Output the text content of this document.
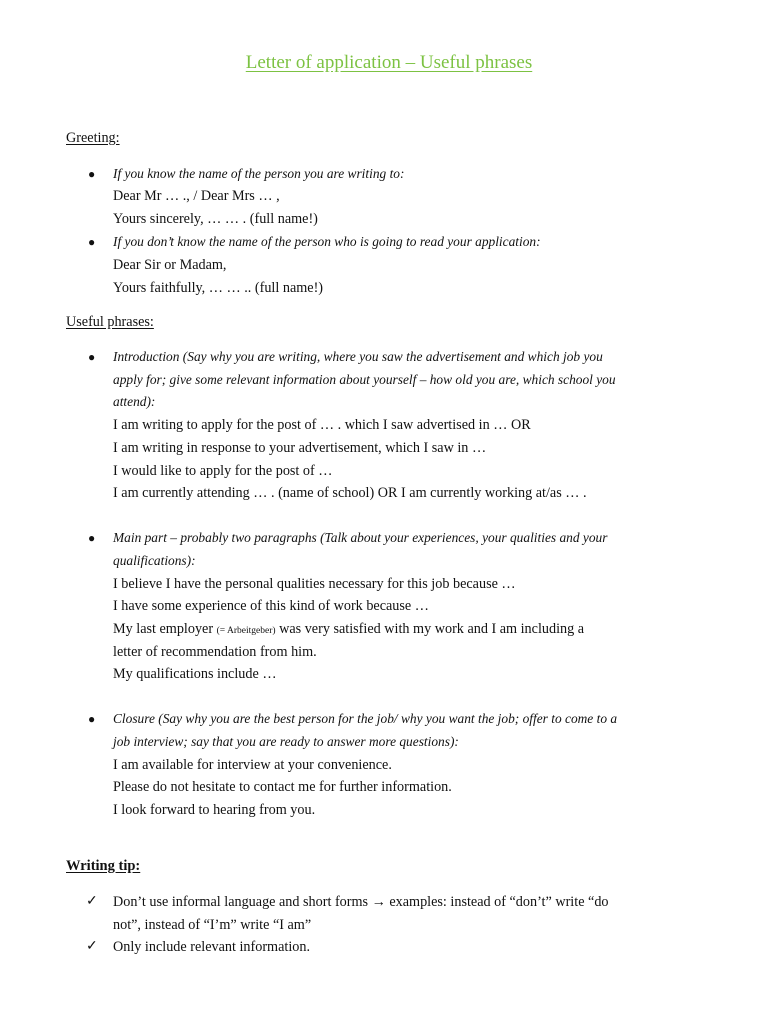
Letter of application – Useful phrases
Greeting:
● If you know the name of the person you are writing to:
Dear Mr … ., / Dear Mrs … ,
Yours sincerely, … … . (full name!)
● If you don’t know the name of the person who is going to read your application:
Dear Sir or Madam,
Yours faithfully, … … .. (full name!)
Useful phrases:
● Introduction (Say why you are writing, where you saw the advertisement and which job you
apply for; give some relevant information about yourself – how old you are, which school you
attend):
I am writing to apply for the post of … . which I saw advertised in … OR
I am writing in response to your advertisement, which I saw in …
I would like to apply for the post of …
I am currently attending … . (name of school) OR I am currently working at/as … .
● Main part – probably two paragraphs (Talk about your experiences, your qualities and your
qualifications):
I believe I have the personal qualities necessary for this job because …
I have some experience of this kind of work because …
My last employer (= Arbeitgeber) was very satisfied with my work and I am including a
letter of recommendation from him.
My qualifications include …
● Closure (Say why you are the best person for the job/ why you want the job; offer to come to a
job interview; say that you are ready to answer more questions):
I am available for interview at your convenience.
Please do not hesitate to contact me for further information.
I look forward to hearing from you.
Writing tip:
✓ Don’t use informal language and short forms → examples: instead of “don’t” write “do
not”, instead of “I’m” write “I am”
✓ Only include relevant information.
